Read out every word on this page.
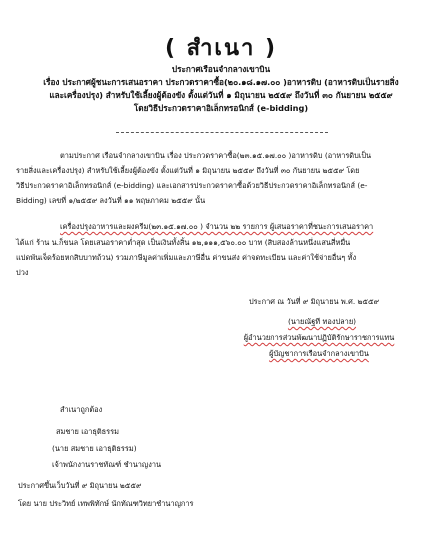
( สำเนา )
ประกาศเรือนจำกลางเขาบิน
เรื่อง ประกาศผู้ชนะการเสนอราคา ประกวดราคาซื้อ(๒๐.๑๘.๑๗.๐๐ )อาหารดิบ (อาหารดิบเป็นรายสิ่ง
และเครื่องปรุง) สำหรับใช้เลี้ยงผู้ต้องขัง ตั้งแต่วันที่ ๑ มิถุนายน ๒๕๕๙ ถึงวันที่ ๓๐ กันยายน ๒๕๕๙
โดยวิธีประกวดราคาอิเล็กทรอนิกส์ (e-bidding)
ตามประกาศ เรือนจำกลางเขาบิน เรื่อง ประกวดราคาซื้อ(๒๓.๑๕.๑๗.๐๐ )อาหารดิบ (อาหารดิบเป็น
รายสิ่งและเครื่องปรุง) สำหรับใช้เลี้ยงผู้ต้องขัง ตั้งแต่วันที่ ๑ มิถุนายน ๒๕๕๙ ถึงวันที่ ๓๐ กันยายน ๒๕๕๙ โดย
วิธีประกวดราคาอิเล็กทรอนิกส์ (e-bidding) และเอกสารประกวดราคาซื้อด้วยวิธีประกวดราคาอิเล็กทรอนิกส์ (e-
Bidding) เลขที่ ๑/๒๕๕๙ ลงวันที่ ๑๑ พฤษภาคม ๒๕๕๙ นั้น
เครื่องปรุงอาหารและผงครีม(๒๓.๑๕.๑๗.๐๐ ) จำนวน ๒๒ รายการ ผู้เสนอราคาที่ชนะการเสนอราคา
ได้แก่ ร้าน น.ก็ขนล โดยเสนอราคาต่ำสุด เป็นเงินทั้งสิ้น ๑๒,๑๑๑,๕๖๐.๐๐ บาท (สิบสองล้านหนึ่งแสนสี่หมื่น
แปดพันเจ็ดร้อยหกสิบบาทถ้วน) รวมภาษีมูลค่าเพิ่มและภาษีอื่น ค่าขนส่ง ค่าจดทะเบียน และค่าใช้จ่ายอื่นๆ ทั้ง
ปวง
ประกาศ ณ วันที่ ๙ มิถุนายน พ.ศ. ๒๕๕๙
(นายณัฐที ทองปลาย)
ผู้อำนวยการส่วนพัฒนาปฏิบัติรักษาราชการแทน
ผู้บัญชาการเรือนจำกลางเขาบิน
สำเนาถูกต้อง
สมชาย เอาธุติธรรม
(นาย สมชาย เอาธุติธรรม)
เจ้าพนักงานราชทัณฑ์ ชำนาญงาน
ประกาศขึ้นเว็บวันที่ ๙ มิถุนายน ๒๕๕๙
โดย นาย ประวิทย์ เทพพิทักษ์ นักทัณฑวิทยาชำนาญการ
